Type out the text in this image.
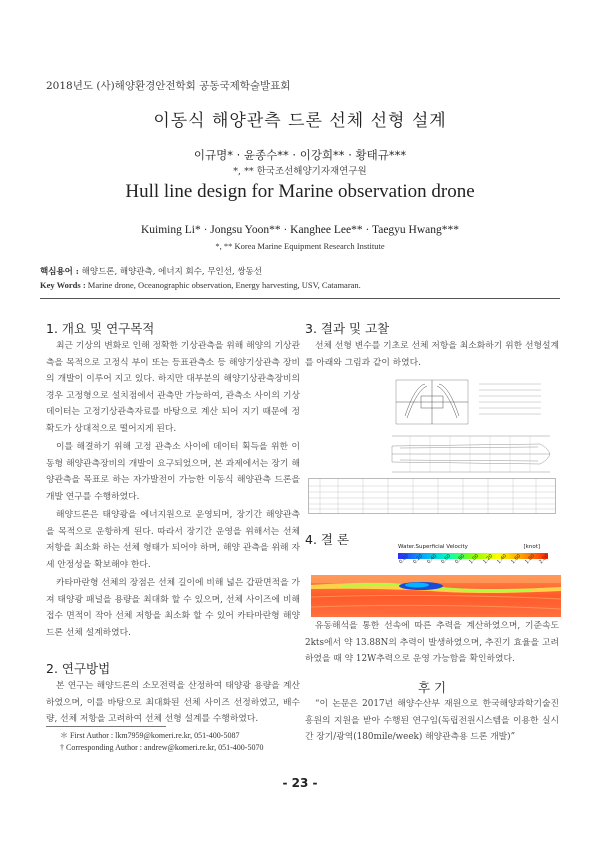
2018년도 (사)해양환경안전학회 공동국제학술발표회
이동식 해양관측 드론 선체 선형 설계
이규명* · 윤종수** · 이강희** · 황태규***
*, ** 한국조선해양기자재연구원
Hull line design for Marine observation drone
Kuiming Li* · Jongsu Yoon** · Kanghee Lee** · Taegyu Hwang***
*, ** Korea Marine Equipment Research Institute
핵심용어 : 해양드론, 해양관측, 에너지 회수, 무인선, 쌍동선
Key Words : Marine drone, Oceanographic observation, Energy harvesting, USV, Catamaran.
1. 개요 및 연구목적
최근 기상의 변화로 인해 정확한 기상관측을 위해 해양의 기상관측을 목적으로 고정식 부이 또는 등표관측소 등 해양기상관측 장비의 개발이 이루어 지고 있다. 하지만 대부분의 해양기상관측장비의 경우 고정형으로 설치점에서 관측만 가능하여, 관측소 사이의 기상데이터는 고정기상관측자료를 바탕으로 계산 되어 지기 때문에 정확도가 상대적으로 떨어지게 된다.
이를 해결하기 위해 고정 관측소 사이에 데이터 획득을 위한 이동형 해양관측장비의 개발이 요구되었으며, 본 과제에서는 장기 해양관측을 목표로 하는 자가발전이 가능한 이동식 해양관측 드론을 개발 연구를 수행하였다.
해양드론은 태양광을 에너지원으로 운영되며, 장기간 해양관측을 목적으로 운항하게 된다. 따라서 장기간 운영을 위해서는 선체 저항을 최소화 하는 선체 형태가 되어야 하며, 해양 관측을 위해 자세 안정성을 확보해야 한다.
카타마란형 선체의 장점은 선체 길이에 비해 넓은 갑판면적을 가져 태양광 패널을 용량을 최대화 할 수 있으며, 선체 사이즈에 비해 접수 면적이 작아 선체 저항을 최소화 할 수 있어 카타마란형 해양드론 선체 설계하였다.
2. 연구방법
본 연구는 해양드론의 소모전력을 산정하여 태양광 용량을 계산하였으며, 이를 바탕으로 최대화된 선체 사이즈 선정하였고, 배수량, 선체 저항을 고려하여 선체 선형 설계를 수행하였다.
3. 결과 및 고찰
선체 선형 변수를 기초로 선체 저항을 최소화하기 위한 선형설계를 아래와 그림과 같이 하였다.
4. 결 론	Water.Superficial Velocity	[knot]
0.00 0.20 0.40 0.60 0.80 1.00 1.20 1.40 1.60 1.80 2.00
유동해석을 통한 선속에 따른 추력을 계산하였으며, 기준속도 2kts에서 약 13.88N의 추력이 발생하였으며, 추진기 효율을 고려하였을 때 약 12W추력으로 운영 가능함을 확인하였다.
후 기
“이 논문은 2017년 해양수산부 재원으로 한국해양과학기술진흥원의 지원을 받아 수행된 연구임(독립전원시스템을 이용한 실시간 장기/광역(180mile/week) 해양관측용 드론 개발)”
＊ First Author : lkm7959@komeri.re.kr, 051-400-5087
† Corresponding Author : andrew@komeri.re.kr, 051-400-5070
- 23 -
